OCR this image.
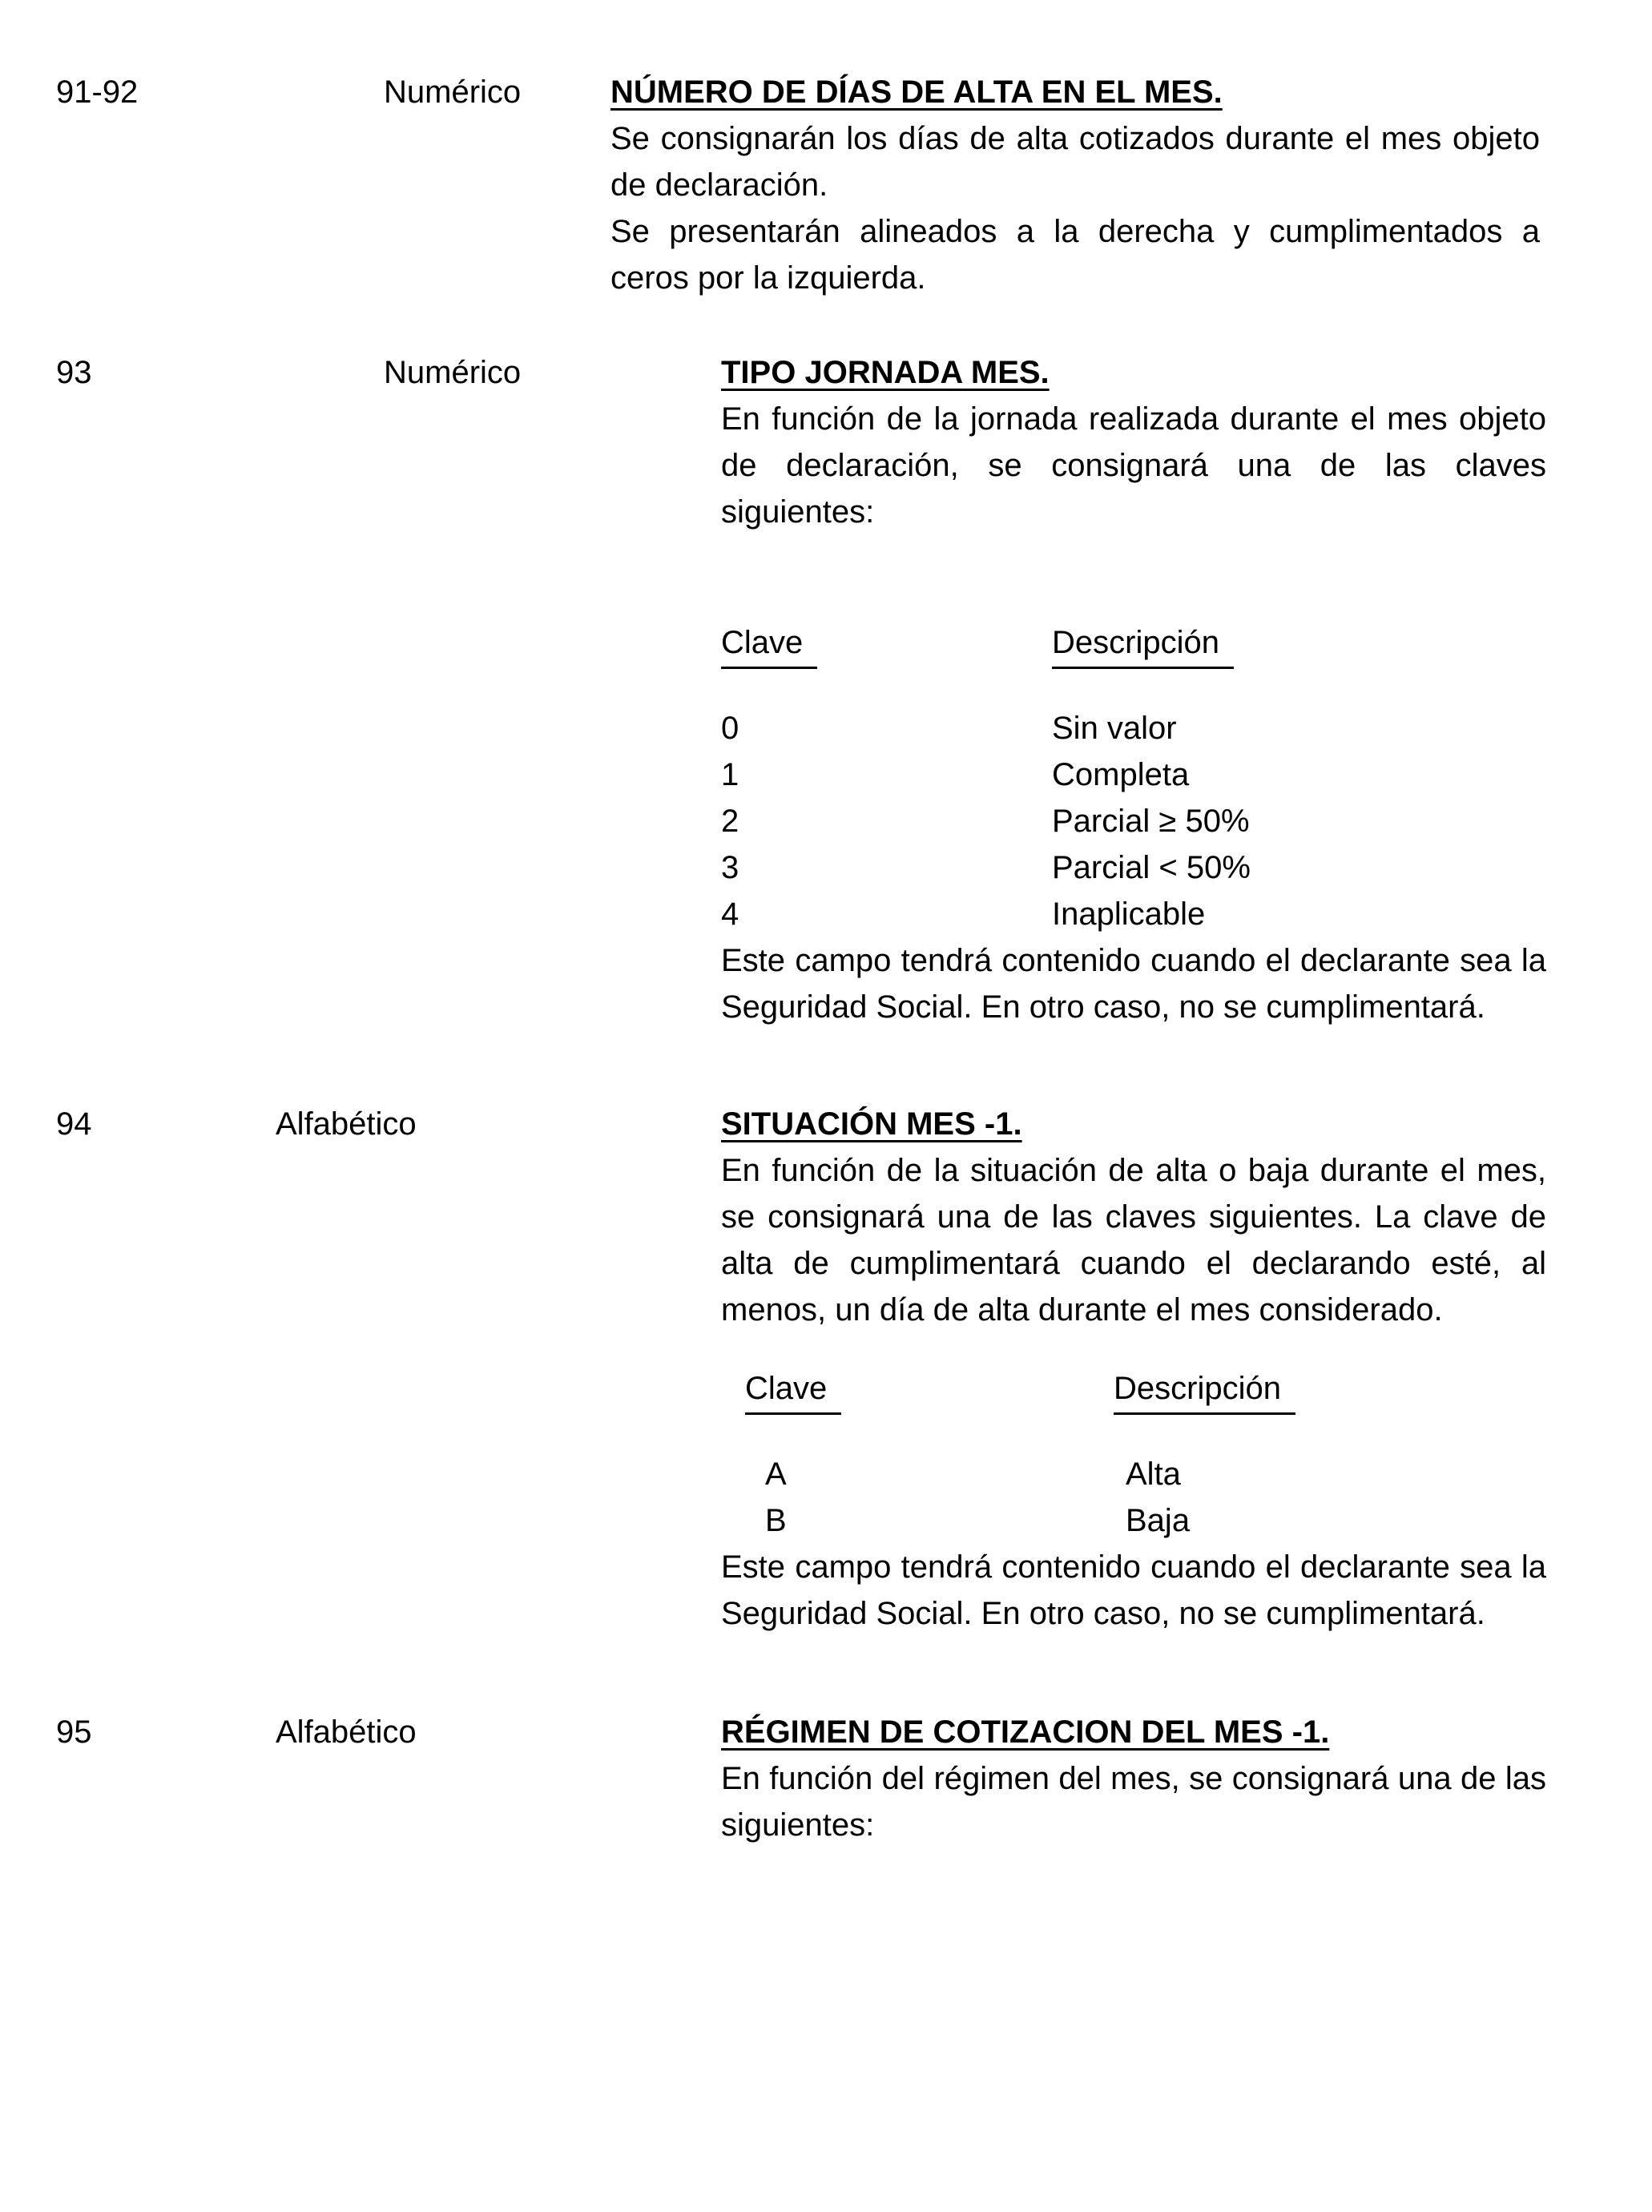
91-92	Numérico	NÚMERO DE DÍAS DE ALTA EN EL MES.

Se consignarán los días de alta cotizados durante el mes objeto de declaración.

Se presentarán alineados a la derecha y cumplimentados a ceros por la izquierda.

93	Numérico	TIPO JORNADA MES.

En función de la jornada realizada durante el mes objeto de declaración, se consignará una de las claves siguientes:

Clave	Descripción
0	Sin valor
1	Completa
2	Parcial ≥ 50%
3	Parcial < 50%
4	Inaplicable

Este campo tendrá contenido cuando el declarante sea la Seguridad Social. En otro caso, no se cumplimentará.

94	Alfabético	SITUACIÓN MES -1.

En función de la situación de alta o baja durante el mes, se consignará una de las claves siguientes. La clave de alta de cumplimentará cuando el declarando esté, al menos, un día de alta durante el mes considerado.

Clave	Descripción
A	Alta
B	Baja

Este campo tendrá contenido cuando el declarante sea la Seguridad Social. En otro caso, no se cumplimentará.

95	Alfabético	RÉGIMEN DE COTIZACION DEL MES -1.

En función del régimen del mes, se consignará una de las siguientes:
